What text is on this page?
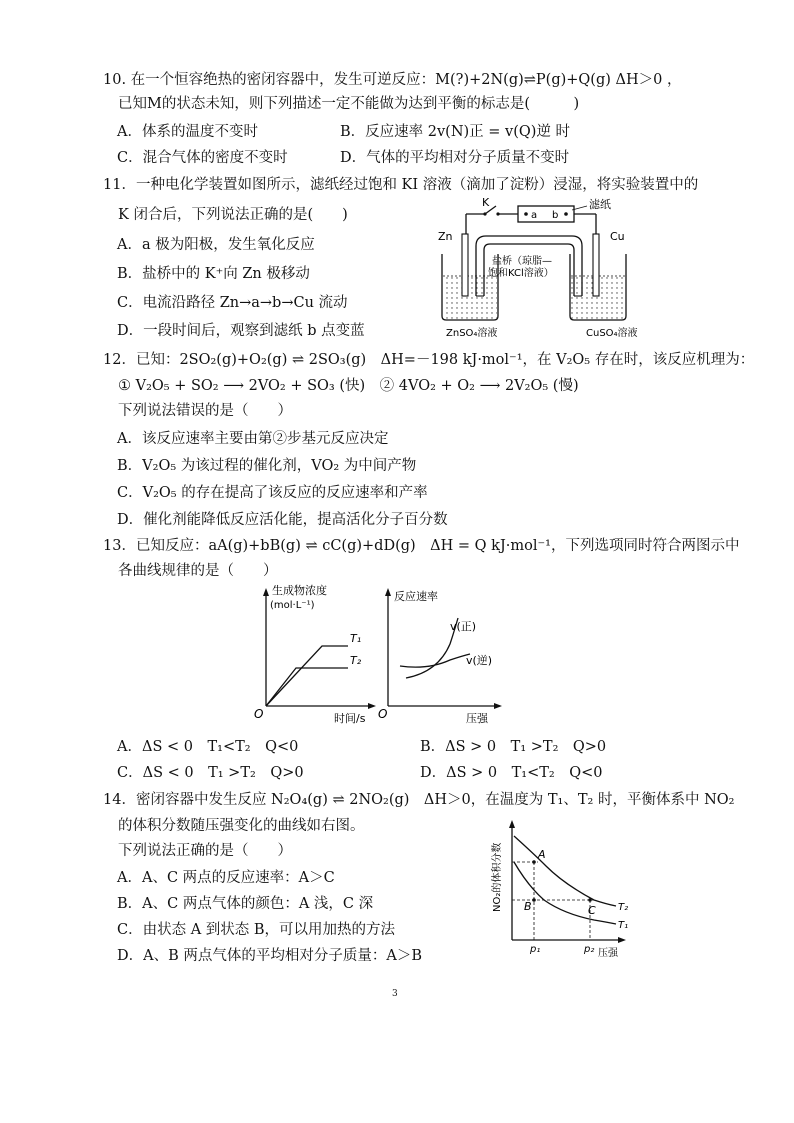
10. 在一个恒容绝热的密闭容器中，发生可逆反应：M(?)+2N(g)⇌P(g)+Q(g) ΔH＞0 ，
已知M的状态未知，则下列描述一定不能做为达到平衡的标志是(　　　)
A．体系的温度不变时	B．反应速率 2v(N)正 = v(Q)逆 时
C．混合气体的密度不变时	D．气体的平均相对分子质量不变时
11．一种电化学装置如图所示，滤纸经过饱和 KI 溶液（滴加了淀粉）浸湿，将实验装置中的
K 闭合后，下列说法正确的是(　　)
A．a 极为阳极，发生氧化反应
B．盐桥中的 K⁺向 Zn 极移动
C．电流沿路径 Zn→a→b→Cu 流动
D．一段时间后，观察到滤纸 b 点变蓝
K
a b
滤纸
Zn	Cu
盐桥（琼脂—
饱和KCl溶液）
ZnSO₄溶液	CuSO₄溶液
12．已知：2SO₂(g)+O₂(g) ⇌ 2SO₃(g)　ΔH=－198 kJ·mol⁻¹，在 V₂O₅ 存在时，该反应机理为：
① V₂O₅ + SO₂ ⟶ 2VO₂ + SO₃ (快)　② 4VO₂ + O₂ ⟶ 2V₂O₅ (慢)
下列说法错误的是（　　）
A．该反应速率主要由第②步基元反应决定
B．V₂O₅ 为该过程的催化剂，VO₂ 为中间产物
C．V₂O₅ 的存在提高了该反应的反应速率和产率
D．催化剂能降低反应活化能，提高活化分子百分数
13．已知反应：aA(g)+bB(g) ⇌ cC(g)+dD(g)　ΔH = Q kJ·mol⁻¹，下列选项同时符合两图示中
各曲线规律的是（　　）
生成物浓度
(mol·L⁻¹)
O	时间/s
T₁
T₂
反应速率
O	压强
v(正)
v(逆)
A．ΔS < 0　T₁<T₂　Q<0	B．ΔS > 0　T₁ >T₂　Q>0
C．ΔS < 0　T₁ >T₂　Q>0	D．ΔS > 0　T₁<T₂　Q<0
14．密闭容器中发生反应 N₂O₄(g) ⇌ 2NO₂(g)　ΔH＞0，在温度为 T₁、T₂ 时，平衡体系中 NO₂
的体积分数随压强变化的曲线如右图。
下列说法正确的是（　　）
A．A、C 两点的反应速率：A＞C
B．A、C 两点气体的颜色：A 浅，C 深
C．由状态 A 到状态 B，可以用加热的方法
D．A、B 两点气体的平均相对分子质量：A＞B
NO₂的体积分数
压强
A
B	C T₂
T₁
p₁	p₂
3
